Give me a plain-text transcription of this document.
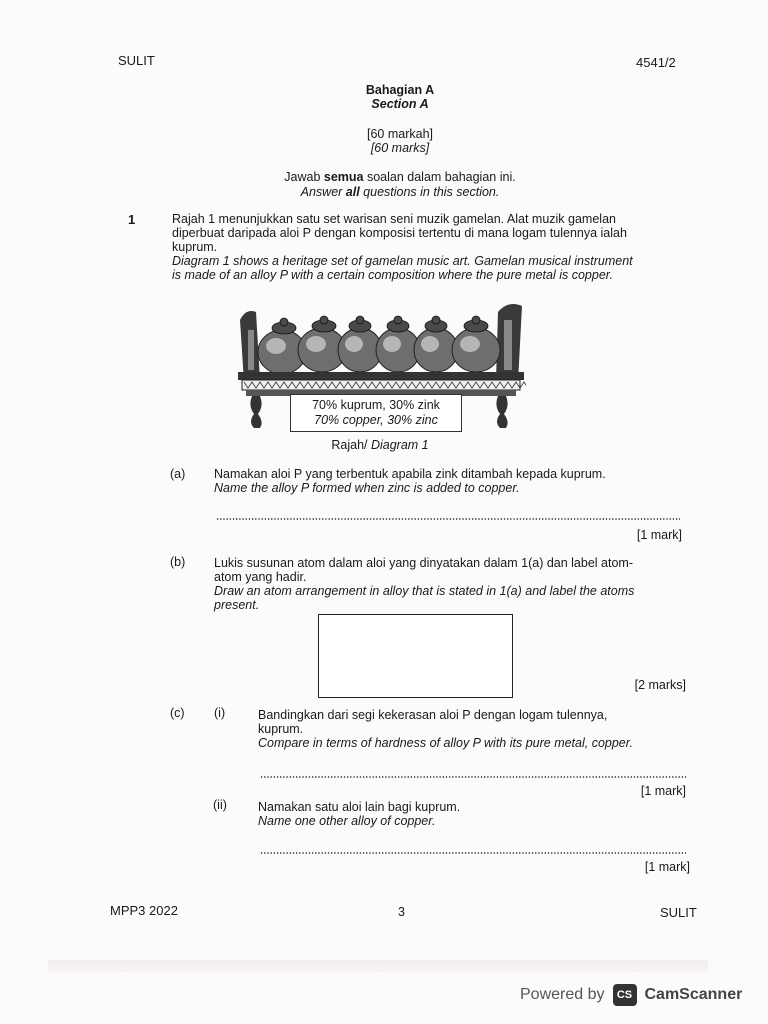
SULIT	4541/2
Bahagian A
Section A
[60 markah]
[60 marks]
Jawab semua soalan dalam bahagian ini.
Answer all questions in this section.
1	Rajah 1 menunjukkan satu set warisan seni muzik gamelan. Alat muzik gamelan
diperbuat daripada aloi P dengan komposisi tertentu di mana logam tulennya ialah
kuprum.
Diagram 1 shows a heritage set of gamelan music art. Gamelan musical instrument
is made of an alloy P with a certain composition where the pure metal is copper.
70% kuprum, 30% zink
70% copper, 30% zinc
Rajah/ Diagram 1
(a) Namakan aloi P yang terbentuk apabila zink ditambah kepada kuprum.
Name the alloy P formed when zinc is added to copper.
[1 mark]
(b) Lukis susunan atom dalam aloi yang dinyatakan dalam 1(a) dan label atom-
atom yang hadir.
Draw an atom arrangement in alloy that is stated in 1(a) and label the atoms
present.
[2 marks]
(c) (i)	Bandingkan dari segi kekerasan aloi P dengan logam tulennya,
kuprum.
Compare in terms of hardness of alloy P with its pure metal, copper.
[1 mark]
(ii) Namakan satu aloi lain bagi kuprum.
Name one other alloy of copper.
[1 mark]
MPP3 2022	3	SULIT
Powered by	CS CamScanner
